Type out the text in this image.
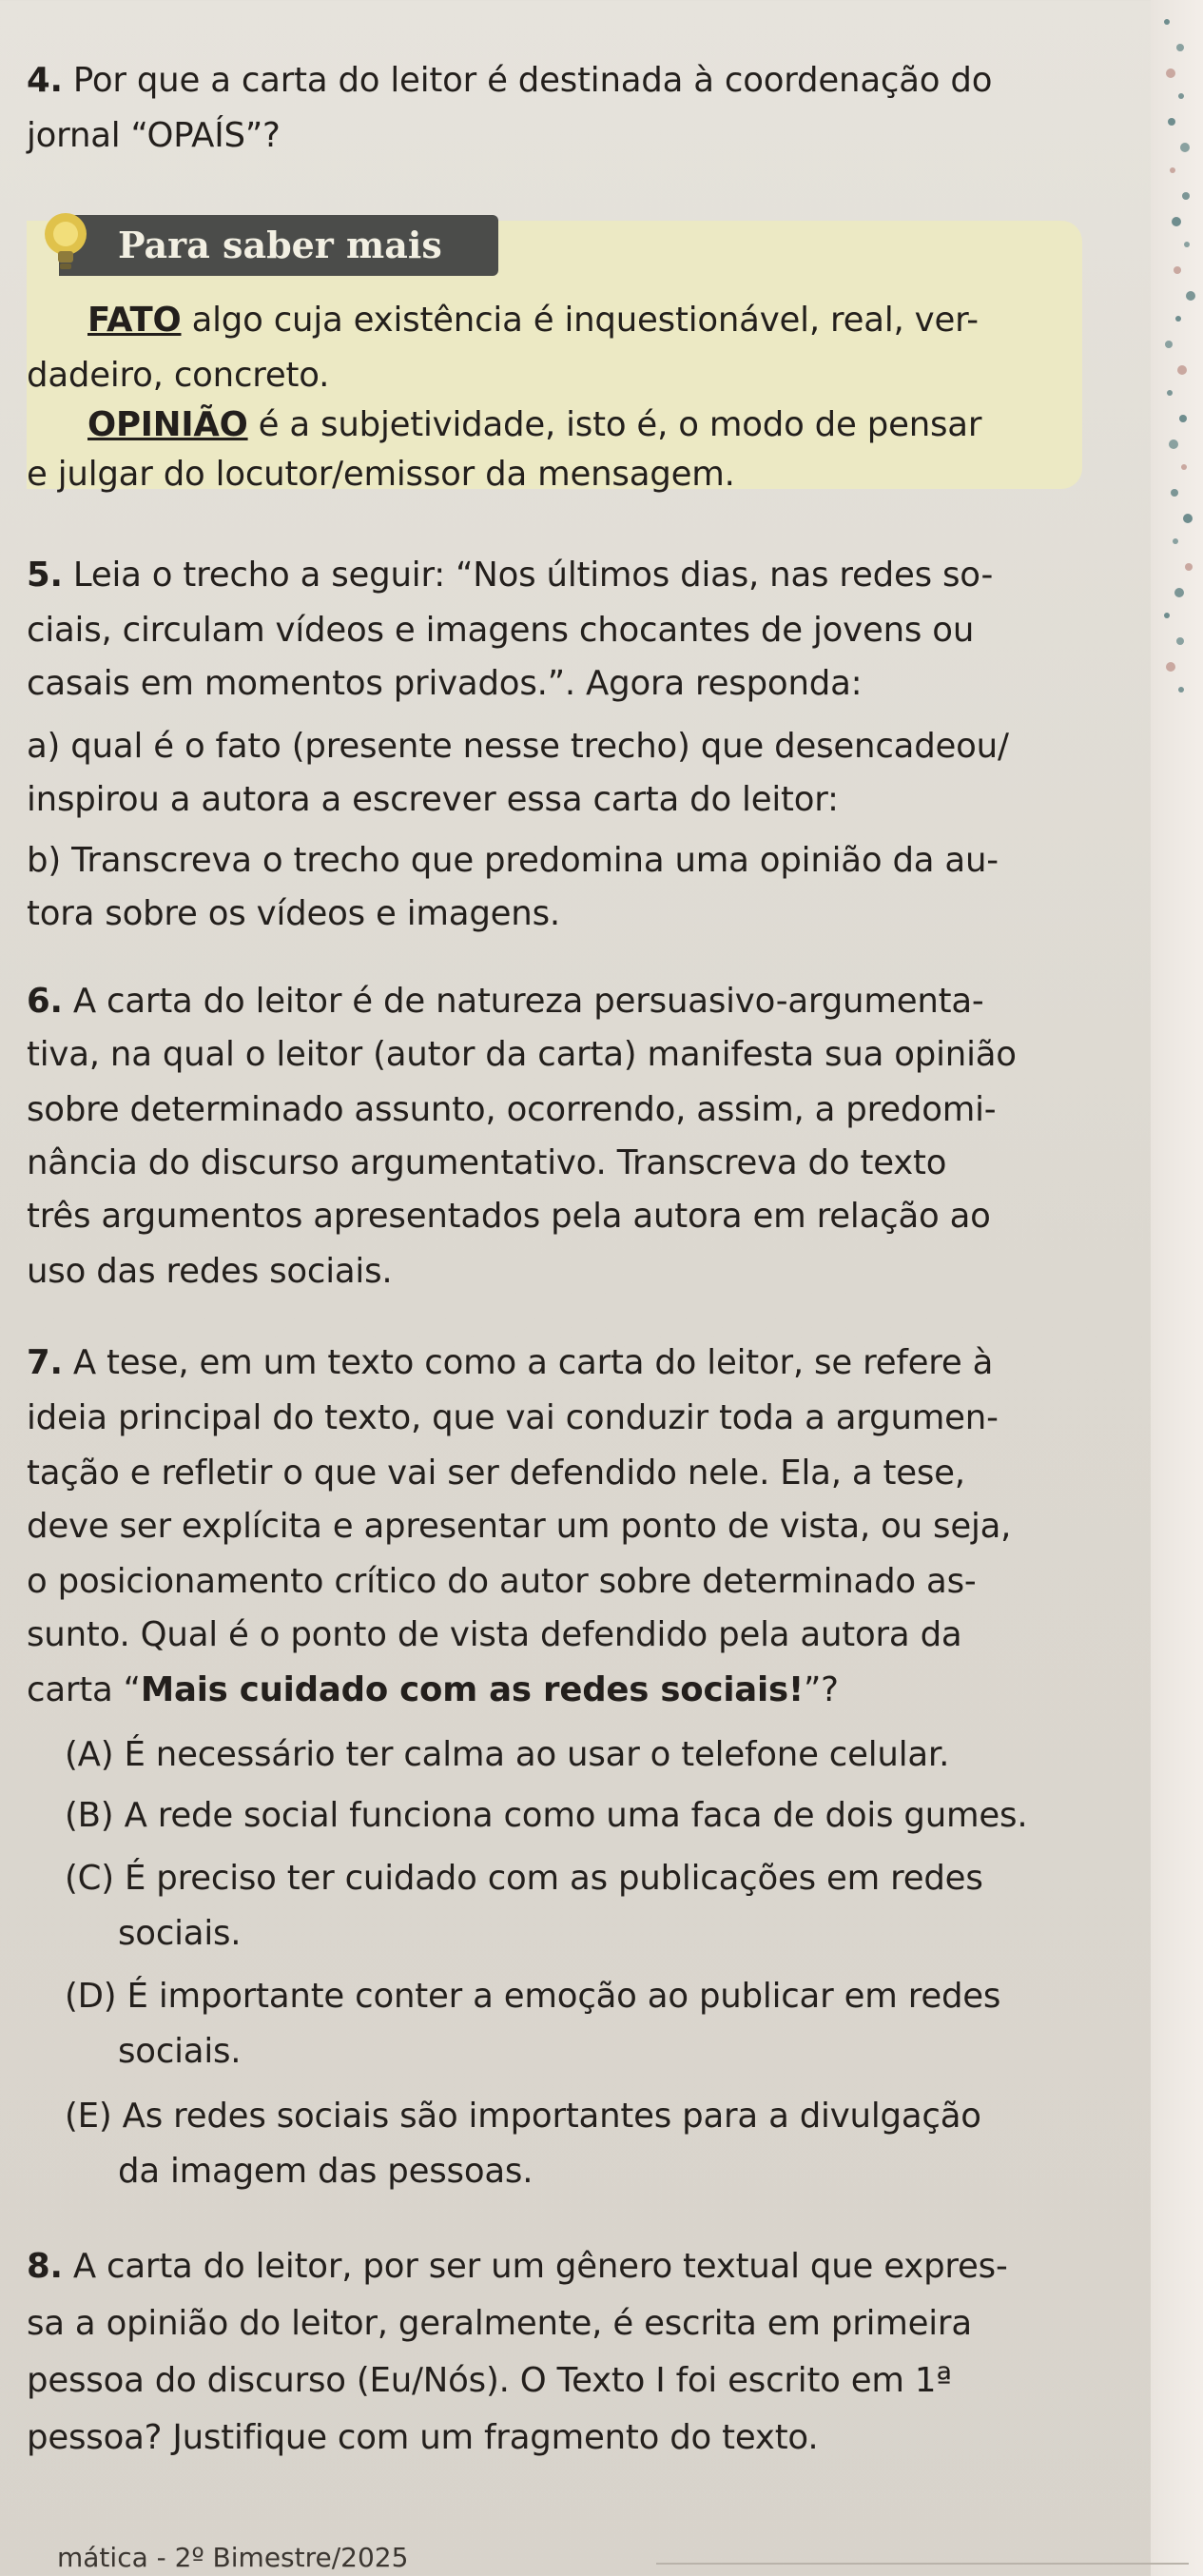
4. Por que a carta do leitor é destinada à coordenação do
jornal “OPAÍS”?
FATO algo cuja existência é inquestionável, real, ver-
dadeiro, concreto.
OPINIÃO é a subjetividade, isto é, o modo de pensar
e julgar do locutor/emissor da mensagem.
Para saber mais
5. Leia o trecho a seguir: “Nos últimos dias, nas redes so-
ciais, circulam vídeos e imagens chocantes de jovens ou
casais em momentos privados.”. Agora responda:
a) qual é o fato (presente nesse trecho) que desencadeou/
inspirou a autora a escrever essa carta do leitor:
b) Transcreva o trecho que predomina uma opinião da au-
tora sobre os vídeos e imagens.
6. A carta do leitor é de natureza persuasivo-argumenta-
tiva, na qual o leitor (autor da carta) manifesta sua opinião
sobre determinado assunto, ocorrendo, assim, a predomi-
nância do discurso argumentativo. Transcreva do texto
três argumentos apresentados pela autora em relação ao
uso das redes sociais.
7. A tese, em um texto como a carta do leitor, se refere à
ideia principal do texto, que vai conduzir toda a argumen-
tação e refletir o que vai ser defendido nele. Ela, a tese,
deve ser explícita e apresentar um ponto de vista, ou seja,
o posicionamento crítico do autor sobre determinado as-
sunto. Qual é o ponto de vista defendido pela autora da
carta “Mais cuidado com as redes sociais!”?
(A) É necessário ter calma ao usar o telefone celular.
(B) A rede social funciona como uma faca de dois gumes.
(C) É preciso ter cuidado com as publicações em redes
sociais.
(D) É importante conter a emoção ao publicar em redes
sociais.
(E) As redes sociais são importantes para a divulgação
da imagem das pessoas.
8. A carta do leitor, por ser um gênero textual que expres-
sa a opinião do leitor, geralmente, é escrita em primeira
pessoa do discurso (Eu/Nós). O Texto I foi escrito em 1ª
pessoa? Justifique com um fragmento do texto.
mática - 2º Bimestre/2025
